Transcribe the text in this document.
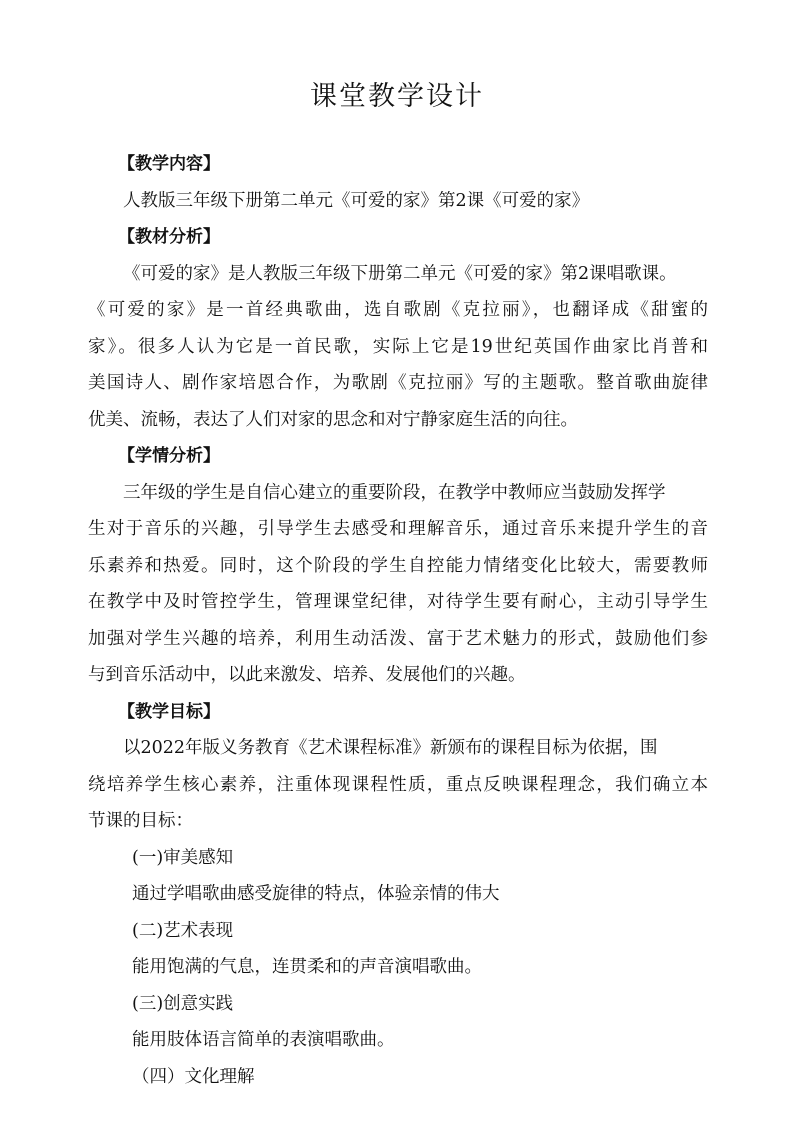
课堂教学设计
【教学内容】
人教版三年级下册第二单元《可爱的家》第2课《可爱的家》
【教材分析】
《可爱的家》是人教版三年级下册第二单元《可爱的家》第2课唱歌课。
《可爱的家》是一首经典歌曲，选自歌剧《克拉丽》，也翻译成《甜蜜的
家》。很多人认为它是一首民歌，实际上它是19世纪英国作曲家比肖普和
美国诗人、剧作家培恩合作，为歌剧《克拉丽》写的主题歌。整首歌曲旋律
优美、流畅，表达了人们对家的思念和对宁静家庭生活的向往。
【学情分析】
三年级的学生是自信心建立的重要阶段，在教学中教师应当鼓励发挥学
生对于音乐的兴趣，引导学生去感受和理解音乐，通过音乐来提升学生的音
乐素养和热爱。同时，这个阶段的学生自控能力情绪变化比较大，需要教师
在教学中及时管控学生，管理课堂纪律，对待学生要有耐心，主动引导学生
加强对学生兴趣的培养，利用生动活泼、富于艺术魅力的形式，鼓励他们参
与到音乐活动中，以此来激发、培养、发展他们的兴趣。
【教学目标】
以2022年版义务教育《艺术课程标准》新颁布的课程目标为依据，围
绕培养学生核心素养，注重体现课程性质，重点反映课程理念，我们确立本
节课的目标：
(一)审美感知
通过学唱歌曲感受旋律的特点，体验亲情的伟大
(二)艺术表现
能用饱满的气息，连贯柔和的声音演唱歌曲。
(三)创意实践
能用肢体语言简单的表演唱歌曲。
（四）文化理解
